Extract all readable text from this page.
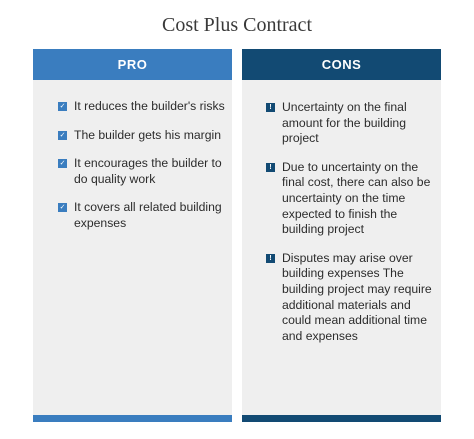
Cost Plus Contract
PRO
✓ It reduces the builder's risks
✓ The builder gets his margin
✓ It encourages the builder to do quality work
✓ It covers all related building expenses
CONS
! Uncertainty on the final amount for the building project
! Due to uncertainty on the final cost, there can also be uncertainty on the time expected to finish the building project
! Disputes may arise over building expenses The building project may require additional materials and could mean additional time and expenses
